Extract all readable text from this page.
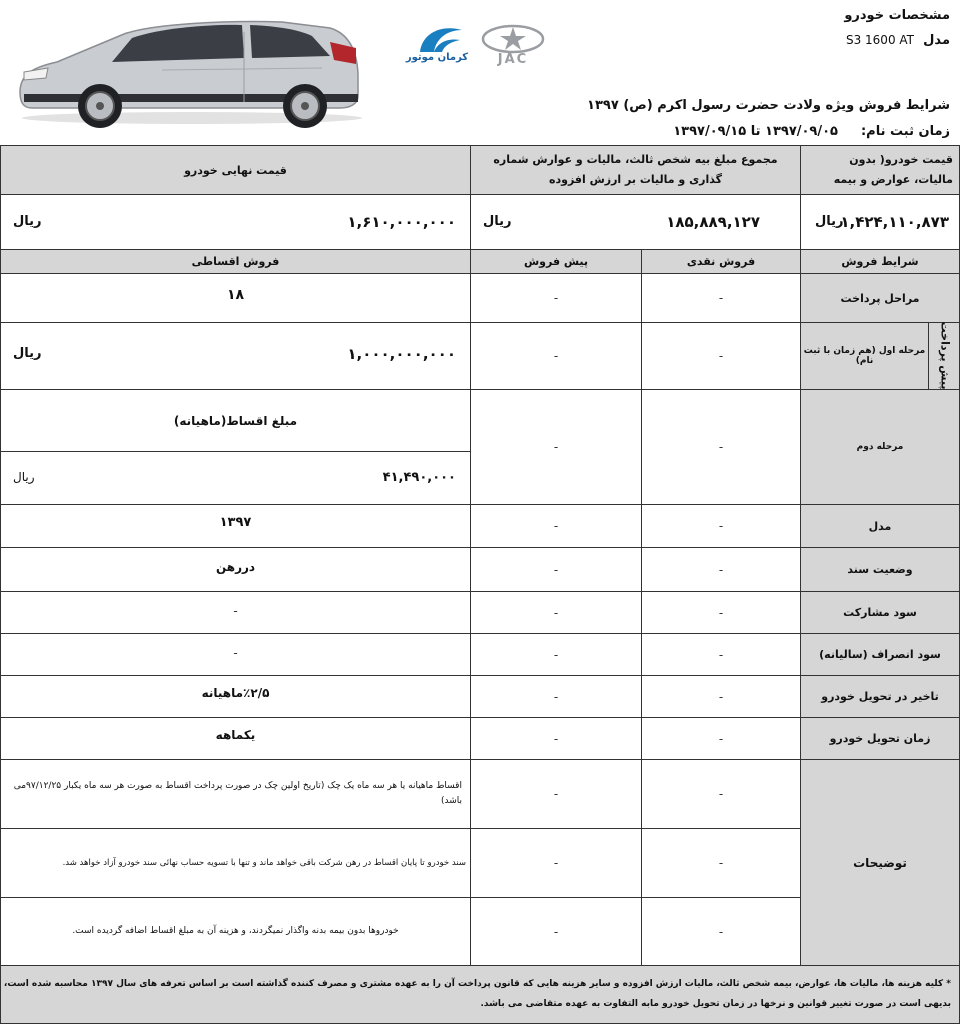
کرمان موتور	JAC
مشخصات خودرو
مدل
S3 1600 AT
شرایط فروش ویژه ولادت حضرت رسول اکرم (ص) ۱۳۹۷
زمان ثبت نام:
۱۳۹۷/۰۹/۰۵ تا ۱۳۹۷/۰۹/۱۵
قیمت خودرو( بدون مالیات، عوارض و بیمه
مجموع مبلغ بیه شخص ثالث، مالیات و عوارش شماره گذاری و مالیات بر ارزش افزوده
قیمت نهایی خودرو
۱,۴۲۴,۱۱۰,۸۷۳
ریال
۱۸۵,۸۸۹,۱۲۷
ریال
۱,۶۱۰,۰۰۰,۰۰۰
ریال
شرایط فروش
فروش نقدی
پیش فروش
فروش اقساطی
مراحل پرداخت
-
-
۱۸
پیش پرداخت
مرحله اول (هم زمان با ثبت نام)
-
-
۱,۰۰۰,۰۰۰,۰۰۰
ریال
مرحله دوم
-
-
مبلغ اقساط(ماهیانه)
۴۱,۴۹۰,۰۰۰
ریال
مدل
-
-
۱۳۹۷
وضعیت سند
-
-
دررهن
سود مشارکت
-
-
-
سود انصراف (سالیانه)
-
-
-
تاخیر در تحویل خودرو
-
-
٪۲/۵ماهیانه
زمان تحویل خودرو
-
-
یکماهه
توضیحات
-
-
اقساط ماهیانه یا هر سه ماه یک چک (تاریخ اولین چک در صورت پرداخت اقساط به صورت هر سه ماه یکبار ۹۷/۱۲/۲۵می باشد)
-
-
سند خودرو تا پایان اقساط در رهن شرکت باقی خواهد ماند و تنها با تسویه حساب نهائی سند خودرو آزاد خواهد شد.
-
-
خودروها بدون بیمه بدنه واگذار نمیگردند، و هزینه آن به مبلغ اقساط اضافه گردیده است.
* کلیه هزینه ها، مالیات ها، عوارض، بیمه شخص ثالث، مالیات ارزش افزوده و سایر هزینه هایی که قانون پرداخت آن را به عهده مشتری و مصرف کننده گذاشته است بر اساس تعرفه های سال ۱۳۹۷ محاسبه شده است،
بدیهی است در صورت تغییر قوانین و نرخها در زمان تحویل خودرو مابه التفاوت به عهده متقاضی می باشد.
